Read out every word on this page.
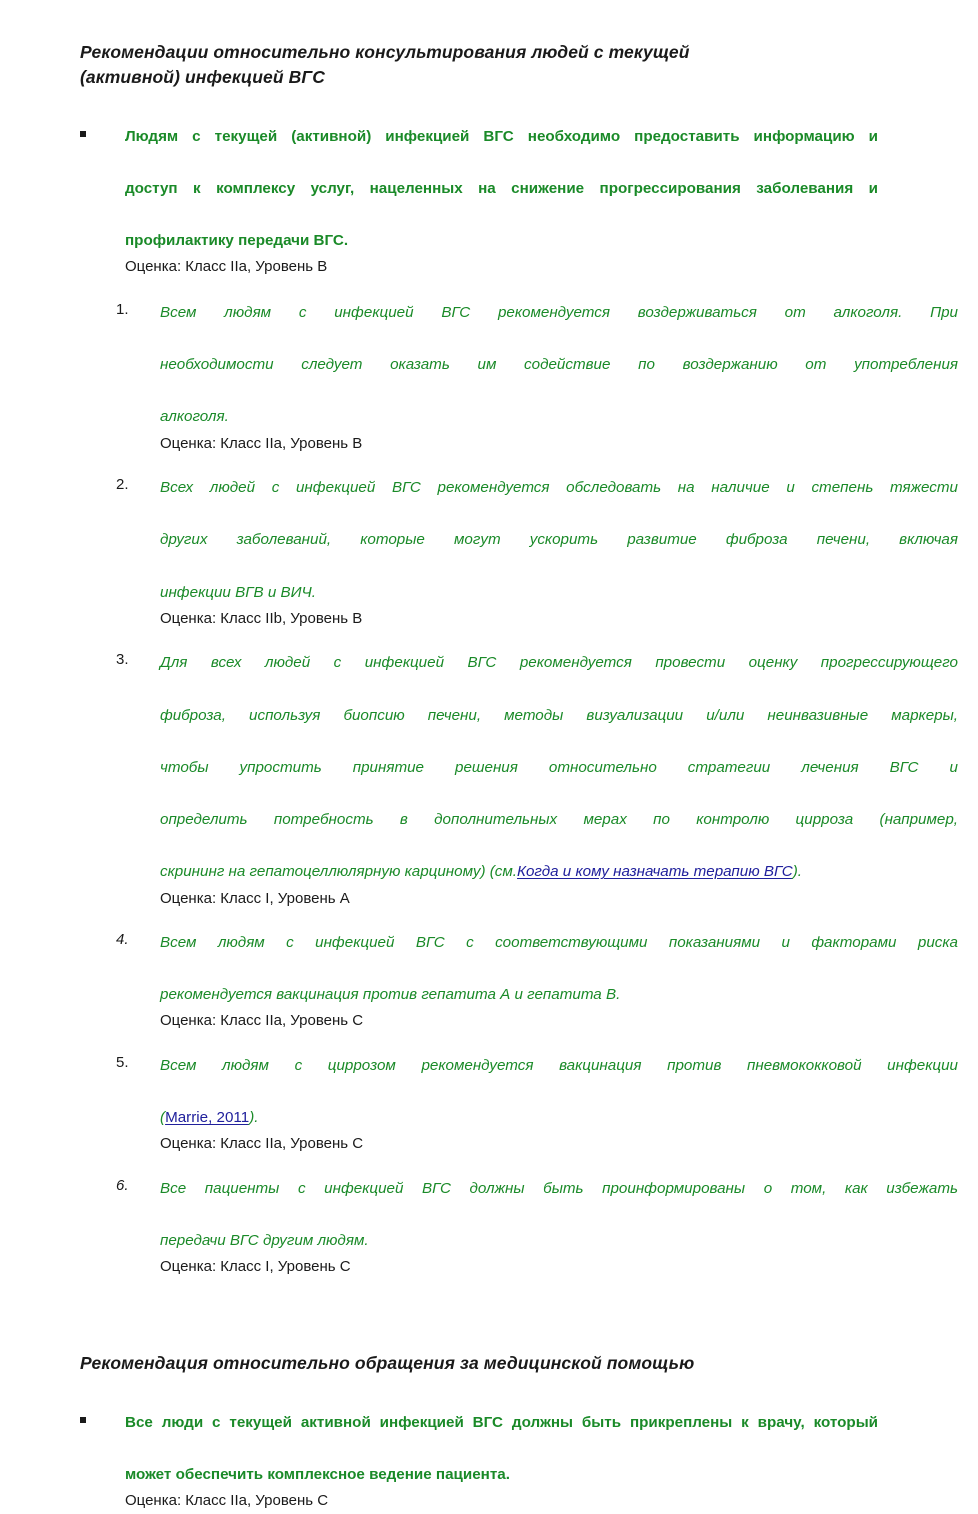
Рекомендации относительно консультирования людей с текущей
(активной) инфекцией ВГС
Людям с текущей (активной) инфекцией ВГС необходимо предоставить информацию и
доступ к комплексу услуг, нацеленных на снижение прогрессирования заболевания и
профилактику передачи ВГС.
Оценка: Класс IIa, Уровень B
1.	Всем людям с инфекцией ВГС рекомендуется воздерживаться от алкоголя. При
необходимости следует оказать им содействие по воздержанию от употребления
алкоголя.
Оценка: Класс IIa, Уровень B
2.	Всех людей с инфекцией ВГС рекомендуется обследовать на наличие и степень тяжести
других заболеваний, которые могут ускорить развитие фиброза печени, включая
инфекции ВГВ и ВИЧ.
Оценка: Класс IIb, Уровень B
3.	Для всех людей с инфекцией ВГС рекомендуется провести оценку прогрессирующего
фиброза, используя биопсию печени, методы визуализации и/или неинвазивные маркеры,
чтобы упростить принятие решения относительно стратегии лечения ВГС и
определить потребность в дополнительных мерах по контролю цирроза (например,
скрининг на гепатоцеллюлярную карциному) (см.Когда и кому назначать терапию ВГС).
Оценка: Класс I, Уровень A
4.	Всем людям с инфекцией ВГС с соответствующими показаниями и факторами риска
рекомендуется вакцинация против гепатита А и гепатита В.
Оценка: Класс IIa, Уровень C
5.	Всем людям с циррозом рекомендуется вакцинация против пневмококковой инфекции
(Marrie, 2011).
Оценка: Класс IIa, Уровень C
6.	Все пациенты с инфекцией ВГС должны быть проинформированы о том, как избежать
передачи ВГС другим людям.
Оценка: Класс I, Уровень C
Рекомендация относительно обращения за медицинской помощью
Все люди с текущей активной инфекцией ВГС должны быть прикреплены к врачу, который
может обеспечить комплексное ведение пациента.
Оценка: Класс IIa, Уровень C
